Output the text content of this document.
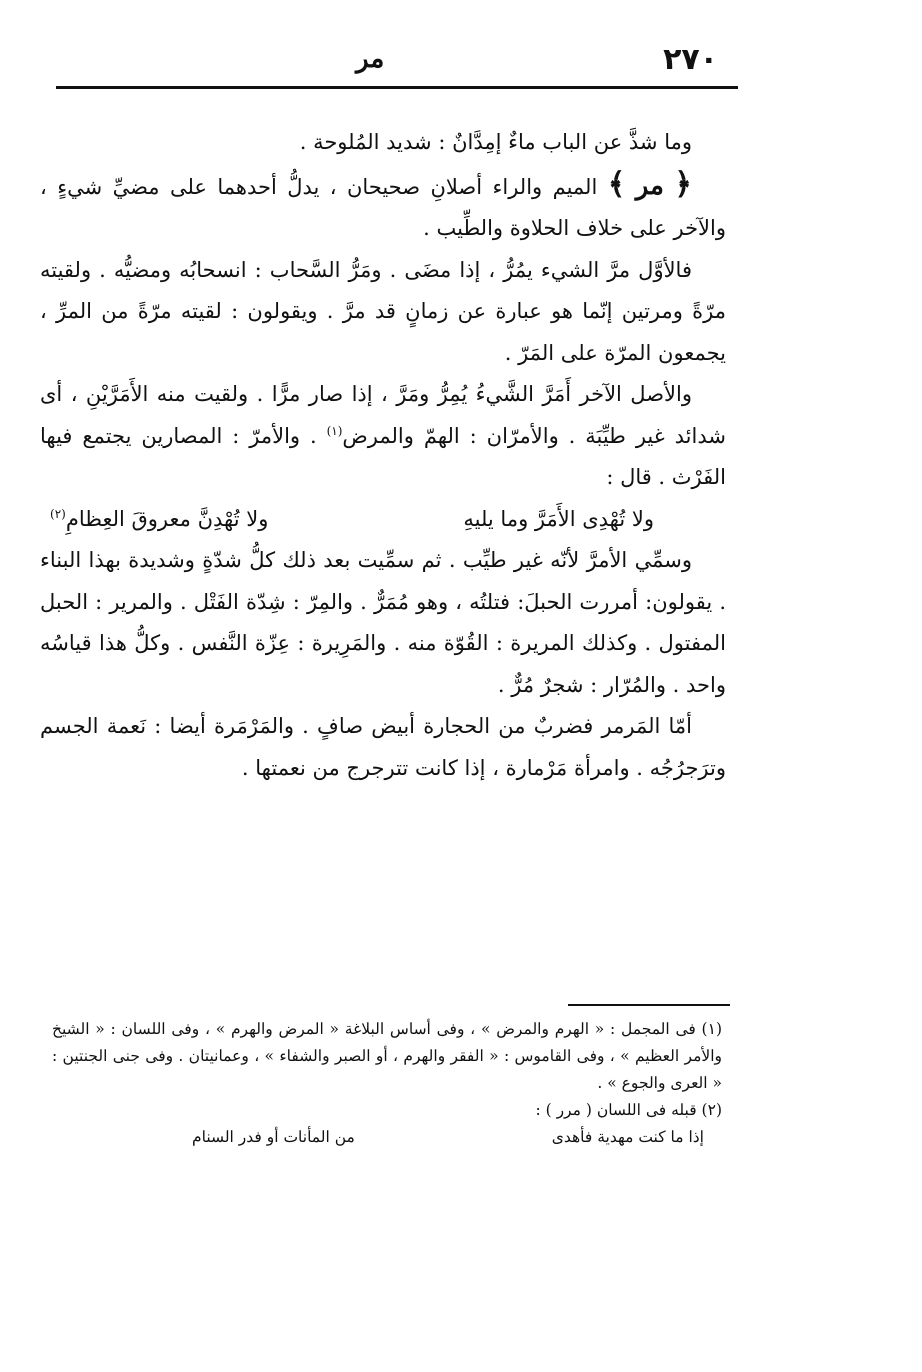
٢٧٠
مر

وما شذَّ عن الباب ماءٌ إمِدَّانٌ : شديد المُلوحة .

﴿ مر ﴾ الميم والراء أصلانِ صحيحان ، يدلُّ أحدهما على مضيِّ شيءٍ ، والآخر على خلاف الحلاوة والطِّيب .

فالأوَّل مرَّ الشيء يمُرُّ ، إذا مضَى . ومَرُّ السَّحاب : انسحابُه ومضيُّه . ولقيته مرّةً ومرتين إنّما هو عبارة عن زمانٍ قد مرَّ . ويقولون : لقيته مرّةً من المرِّ ، يجمعون المرّة على المَرّ .

والأصل الآخر أَمَرَّ الشَّيءُ يُمِرُّ ومَرَّ ، إذا صار مرًّا . ولقيت منه الأَمَرَّيْنِ ، أى شدائد غير طيِّبَة . والأمرّان : الهمّ والمرض$^{(١)}$ . والأمرّ : المصارين يجتمع فيها الفَرْث . قال :

ولا تُهْدِى الأَمَرَّ وما يليهِ
ولا تُهْدِنَّ معروقَ العِظامِ$^{(٢)}$

وسمِّي الأمرَّ لأنّه غير طيِّب . ثم سمِّيت بعد ذلك كلُّ شدّةٍ وشديدة بهذا البناء . يقولون: أمررت الحبلَ: فتلتُه ، وهو مُمَرٌّ . والمِرّ : شِدّة الفَتْل . والمرير : الحبل المفتول . وكذلك المريرة : القُوّة منه . والمَرِيرة : عِزّة النَّفس . وكلُّ هذا قياسُه واحد . والمُرّار : شجرٌ مُرٌّ .

أمّا المَرمر فضربٌ من الحجارة أبيض صافٍ . والمَرْمَرة أيضا : نَعمة الجسم وترَجرُجُه . وامرأة مَرْمارة ، إذا كانت تترجرج من نعمتها .

(١) فى المجمل : « الهرم والمرض » ، وفى أساس البلاغة « المرض والهرم » ، وفى اللسان : « الشيخ والأمر العظيم » ، وفى القاموس : « الفقر والهرم ، أو الصبر والشفاء » ، وعمانيتان . وفى جنى الجنتين : « العرى والجوع » .

(٢) قبله فى اللسان ( مرر ) :

إذا ما كنت مهدية فأهدى
من المأنات أو فدر السنام
